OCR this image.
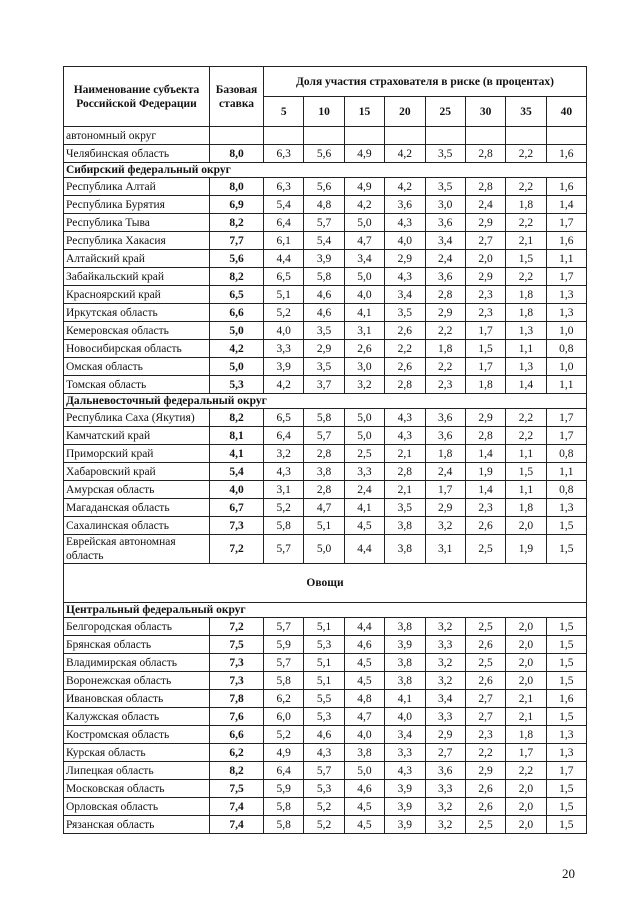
Наименование субъекта Российской Федерации	Базовая ставка	Доля участия страхователя в риске (в процентах)							
		5	10	15	20	25	30	35	40
автономный округ									
Челябинская область	8,0	6,3	5,6	4,9	4,2	3,5	2,8	2,2	1,6
Сибирский федеральный округ									
Республика Алтай	8,0	6,3	5,6	4,9	4,2	3,5	2,8	2,2	1,6
Республика Бурятия	6,9	5,4	4,8	4,2	3,6	3,0	2,4	1,8	1,4
Республика Тыва	8,2	6,4	5,7	5,0	4,3	3,6	2,9	2,2	1,7
Республика Хакасия	7,7	6,1	5,4	4,7	4,0	3,4	2,7	2,1	1,6
Алтайский край	5,6	4,4	3,9	3,4	2,9	2,4	2,0	1,5	1,1
Забайкальский край	8,2	6,5	5,8	5,0	4,3	3,6	2,9	2,2	1,7
Красноярский край	6,5	5,1	4,6	4,0	3,4	2,8	2,3	1,8	1,3
Иркутская область	6,6	5,2	4,6	4,1	3,5	2,9	2,3	1,8	1,3
Кемеровская область	5,0	4,0	3,5	3,1	2,6	2,2	1,7	1,3	1,0
Новосибирская область	4,2	3,3	2,9	2,6	2,2	1,8	1,5	1,1	0,8
Омская область	5,0	3,9	3,5	3,0	2,6	2,2	1,7	1,3	1,0
Томская область	5,3	4,2	3,7	3,2	2,8	2,3	1,8	1,4	1,1
Дальневосточный федеральный округ									
Республика Саха (Якутия)	8,2	6,5	5,8	5,0	4,3	3,6	2,9	2,2	1,7
Камчатский край	8,1	6,4	5,7	5,0	4,3	3,6	2,8	2,2	1,7
Приморский край	4,1	3,2	2,8	2,5	2,1	1,8	1,4	1,1	0,8
Хабаровский край	5,4	4,3	3,8	3,3	2,8	2,4	1,9	1,5	1,1
Амурская область	4,0	3,1	2,8	2,4	2,1	1,7	1,4	1,1	0,8
Магаданская область	6,7	5,2	4,7	4,1	3,5	2,9	2,3	1,8	1,3
Сахалинская область	7,3	5,8	5,1	4,5	3,8	3,2	2,6	2,0	1,5
Еврейская автономная область	7,2	5,7	5,0	4,4	3,8	3,1	2,5	1,9	1,5
Овощи									
Центральный федеральный округ									
Белгородская область	7,2	5,7	5,1	4,4	3,8	3,2	2,5	2,0	1,5
Брянская область	7,5	5,9	5,3	4,6	3,9	3,3	2,6	2,0	1,5
Владимирская область	7,3	5,7	5,1	4,5	3,8	3,2	2,5	2,0	1,5
Воронежская область	7,3	5,8	5,1	4,5	3,8	3,2	2,6	2,0	1,5
Ивановская область	7,8	6,2	5,5	4,8	4,1	3,4	2,7	2,1	1,6
Калужская область	7,6	6,0	5,3	4,7	4,0	3,3	2,7	2,1	1,5
Костромская область	6,6	5,2	4,6	4,0	3,4	2,9	2,3	1,8	1,3
Курская область	6,2	4,9	4,3	3,8	3,3	2,7	2,2	1,7	1,3
Липецкая область	8,2	6,4	5,7	5,0	4,3	3,6	2,9	2,2	1,7
Московская область	7,5	5,9	5,3	4,6	3,9	3,3	2,6	2,0	1,5
Орловская область	7,4	5,8	5,2	4,5	3,9	3,2	2,6	2,0	1,5
Рязанская область	7,4	5,8	5,2	4,5	3,9	3,2	2,5	2,0	1,5
20
